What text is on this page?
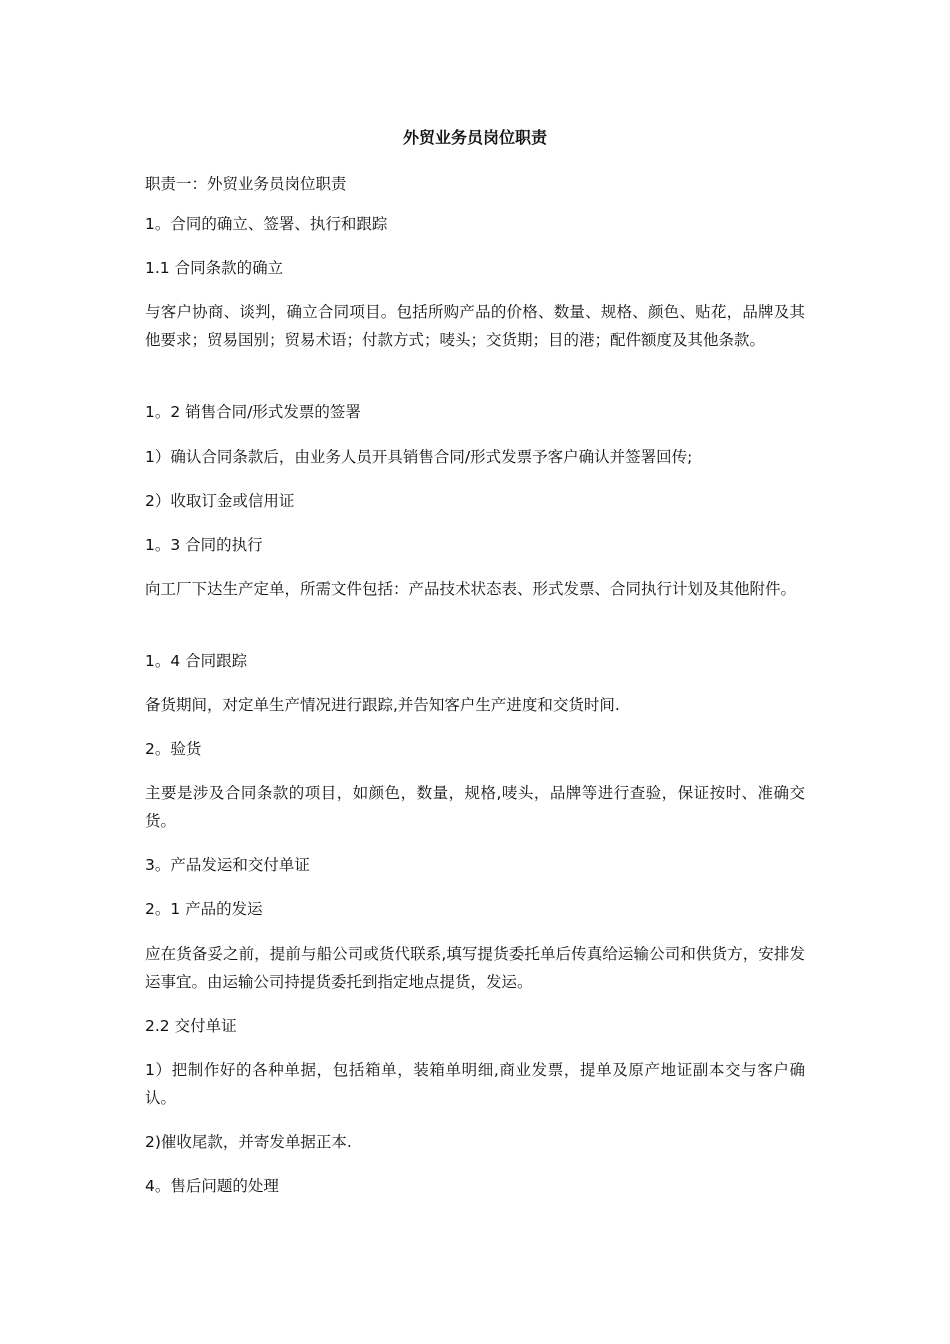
外贸业务员岗位职责

职责一：外贸业务员岗位职责

1。合同的确立、签署、执行和跟踪

1.1 合同条款的确立

与客户协商、谈判，确立合同项目。包括所购产品的价格、数量、规格、颜色、贴花，品牌及其他要求；贸易国别；贸易术语；付款方式；唛头；交货期；目的港；配件额度及其他条款。

1。2 销售合同/形式发票的签署

1）确认合同条款后，由业务人员开具销售合同/形式发票予客户确认并签署回传;

2）收取订金或信用证

1。3 合同的执行

向工厂下达生产定单，所需文件包括：产品技术状态表、形式发票、合同执行计划及其他附件。

1。4 合同跟踪

备货期间，对定单生产情况进行跟踪,并告知客户生产进度和交货时间.

2。验货

主要是涉及合同条款的项目，如颜色，数量，规格,唛头，品牌等进行查验，保证按时、准确交货。

3。产品发运和交付单证

2。1 产品的发运

应在货备妥之前，提前与船公司或货代联系,填写提货委托单后传真给运输公司和供货方，安排发运事宜。由运输公司持提货委托到指定地点提货，发运。

2.2 交付单证

1）把制作好的各种单据，包括箱单，装箱单明细,商业发票，提单及原产地证副本交与客户确认。

2)催收尾款，并寄发单据正本.

4。售后问题的处理
